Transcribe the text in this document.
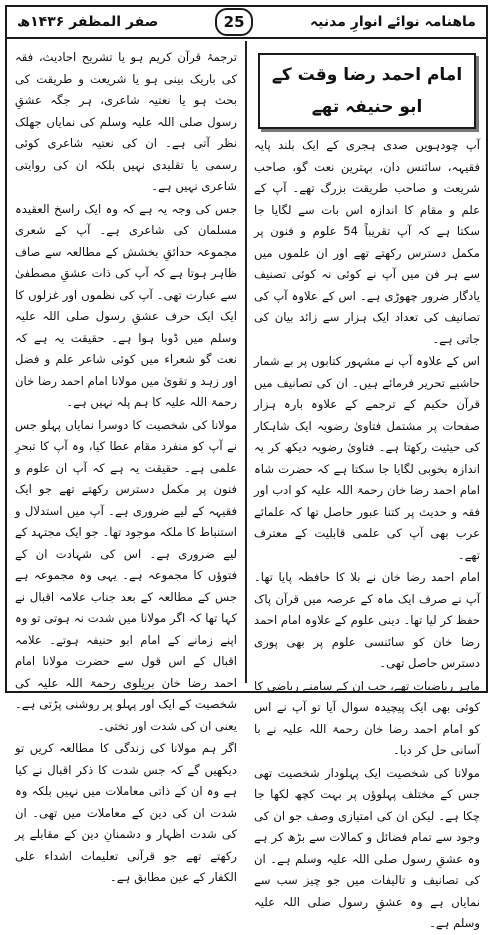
صفر المظفر ۱۴۳۶ھ	25	ماهنامہ نوائے انوارِ مدنیہ
امام احمد رضا وقت کے ابو حنیفہ تھے

آپ چودہویں صدی ہجری کے ایک بلند پایہ فقیہہ، سائنس دان، بہترین نعت گو، صاحب شریعت و صاحب طریقت بزرگ تھے۔ آپ کے علم و مقام کا اندازہ اس بات سے لگایا جا سکتا ہے کہ آپ تقریباً 54 علوم و فنون پر مکمل دسترس رکھتے تھے اور ان علموں میں سے ہر فن میں آپ نے کوئی نہ کوئی تصنیف یادگار ضرور چھوڑی ہے۔ اس کے علاوہ آپ کی تصانیف کی تعداد ایک ہزار سے زائد بیان کی جاتی ہے۔

اس کے علاوہ آپ نے مشہور کتابوں پر بے شمار حاشیے تحریر فرمائے ہیں۔ ان کی تصانیف میں قرآن حکیم کے ترجمے کے علاوہ بارہ ہزار صفحات پر مشتمل فتاویٰ رضویہ ایک شاہکار کی حیثیت رکھتا ہے۔ فتاویٰ رضویہ دیکھ کر یہ اندازہ بخوبی لگایا جا سکتا ہے کہ حضرت شاہ امام احمد رضا خان رحمۃ اللہ علیہ کو ادب اور فقہ و حدیث پر کتنا عبور حاصل تھا کہ علمائے عرب بھی آپ کی علمی قابلیت کے معترف تھے۔

امام احمد رضا خان نے بلا کا حافظہ پایا تھا۔ آپ نے صرف ایک ماہ کے عرصہ میں قرآن پاک حفظ کر لیا تھا۔ دینی علوم کے علاوہ امام احمد رضا خان کو سائنسی علوم پر بھی پوری دسترس حاصل تھی۔

ماہر ریاضیات تھے، جب ان کے سامنے ریاضی کا کوئی بھی ایک پیچیدہ سوال آیا تو آپ نے اس کو امام احمد رضا خان رحمۃ اللہ علیہ نے با آسانی حل کر دیا۔

مولانا کی شخصیت ایک پہلودار شخصیت تھی جس کے مختلف پہلوؤں پر بہت کچھ لکھا جا چکا ہے۔ لیکن ان کی امتیازی وصف جو ان کی وجود سے تمام فضائل و کمالات سے بڑھ کر ہے وہ عشقِ رسول صلی اللہ علیہ وسلم ہے۔ ان کی تصانیف و تالیفات میں جو چیز سب سے نمایاں ہے وہ عشقِ رسول صلی اللہ علیہ وسلم ہے۔

ترجمۂ قرآن کریم ہو یا تشریح احادیث، فقہ کی باریک بینی ہو یا شریعت و طریقت کی بحث ہو یا نعتیہ شاعری، ہر جگہ عشقِ رسول صلی اللہ علیہ وسلم کی نمایاں جھلک نظر آتی ہے۔ ان کی نعتیہ شاعری کوئی رسمی یا تقلیدی نہیں بلکہ ان کی روایتی شاعری نہیں ہے۔

جس کی وجہ یہ ہے کہ وہ ایک راسخ العقیدہ مسلمان کی شاعری ہے۔ آپ کے شعری مجموعہ حدائقِ بخشش کے مطالعہ سے صاف ظاہر ہوتا ہے کہ آپ کی ذات عشقِ مصطفیٰ سے عبارت تھی۔ آپ کی نظموں اور غزلوں کا ایک ایک حرف عشقِ رسول صلی اللہ علیہ وسلم میں ڈوبا ہوا ہے۔ حقیقت یہ ہے کہ نعت گو شعراء میں کوئی شاعر علم و فضل اور زہد و تقویٰ میں مولانا امام احمد رضا خان رحمۃ اللہ علیہ کا ہم پلہ نہیں ہے۔

مولانا کی شخصیت کا دوسرا نمایاں پہلو جس نے آپ کو منفرد مقام عطا کیا، وہ آپ کا تبحرِ علمی ہے۔ حقیقت یہ ہے کہ آپ ان علوم و فنون پر مکمل دسترس رکھتے تھے جو ایک فقیہہ کے لیے ضروری ہے۔ آپ میں استدلال و استنباط کا ملکہ موجود تھا۔ جو ایک مجتہد کے لیے ضروری ہے۔ اس کی شہادت ان کے فتوؤں کا مجموعہ ہے۔ یہی وہ مجموعہ ہے جس کے مطالعہ کے بعد جناب علامہ اقبال نے کہا تھا کہ اگر مولانا میں شدت نہ ہوتی تو وہ اپنے زمانے کے امام ابو حنیفہ ہوتے۔ علامہ اقبال کے اس قول سے حضرت مولانا امام احمد رضا خان بریلوی رحمۃ اللہ علیہ کی شخصیت کے ایک اور پہلو پر روشنی پڑتی ہے۔ یعنی ان کی شدت اور تختی۔

اگر ہم مولانا کی زندگی کا مطالعہ کریں تو دیکھیں گے کہ جس شدت کا ذکر اقبال نے کیا ہے وہ ان کے ذاتی معاملات میں نہیں بلکہ وہ شدت ان کی دین کے معاملات میں تھی۔ ان کی شدت اظہار و دشمنانِ دین کے مقابلے پر رکھتے تھے جو قرآنی تعلیمات اشداء علی الکفار کے عین مطابق ہے۔
